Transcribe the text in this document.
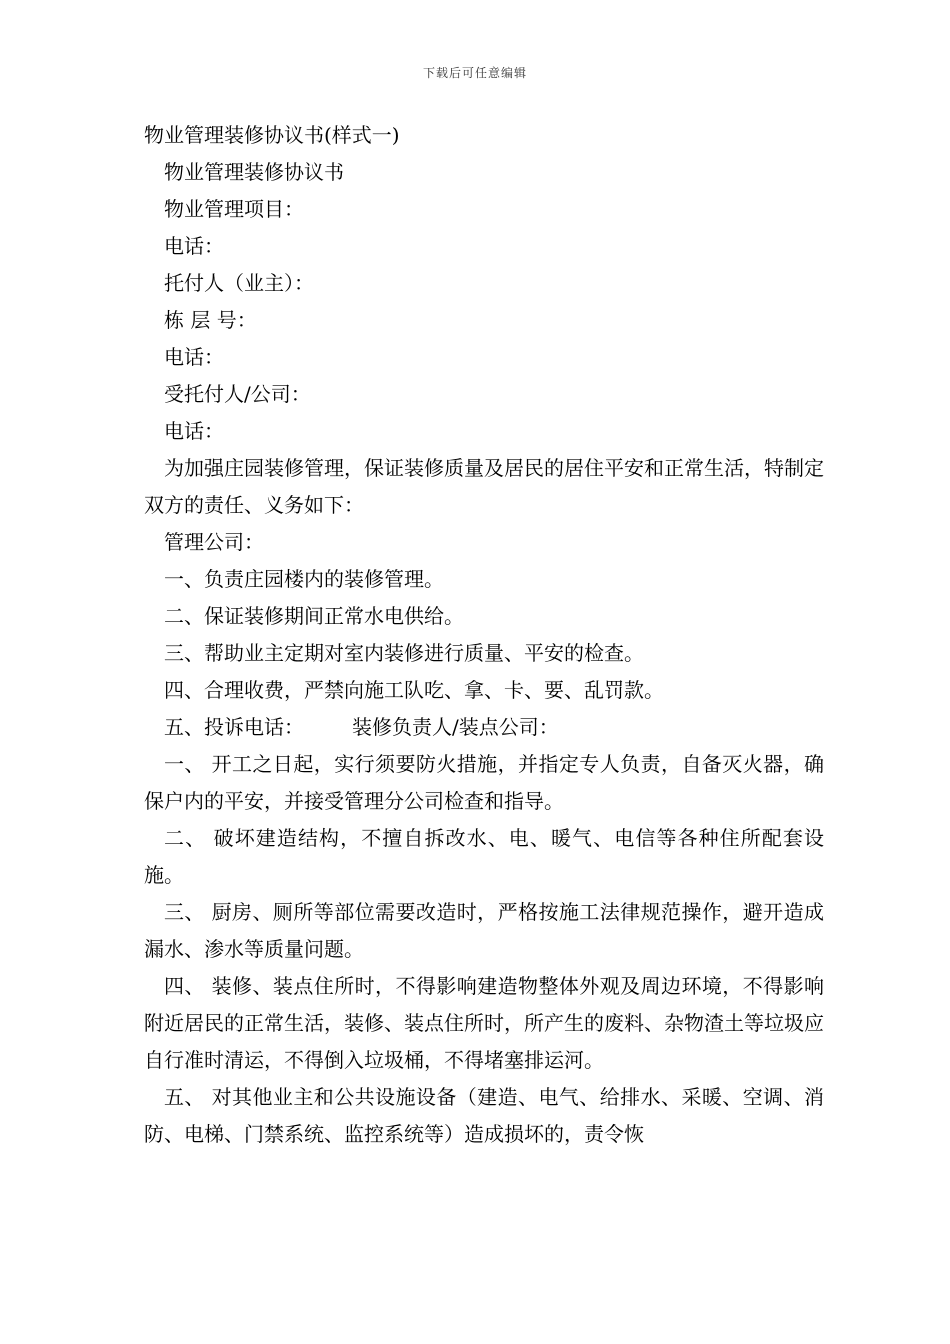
下载后可任意编辑

物业管理装修协议书(样式一)

物业管理装修协议书

物业管理项目：

电话：

托付人（业主）：

栋 层 号：

电话：

受托付人/公司：

电话：

为加强庄园装修管理，保证装修质量及居民的居住平安和正常生活，特制定双方的责任、义务如下：

管理公司：

一、负责庄园楼内的装修管理。

二、保证装修期间正常水电供给。

三、帮助业主定期对室内装修进行质量、平安的检查。

四、合理收费，严禁向施工队吃、拿、卡、要、乱罚款。

五、投诉电话： 装修负责人/装点公司：

一、 开工之日起，实行须要防火措施，并指定专人负责，自备灭火器，确保户内的平安，并接受管理分公司检查和指导。

二、 破坏建造结构，不擅自拆改水、电、暖气、电信等各种住所配套设施。

三、 厨房、厕所等部位需要改造时，严格按施工法律规范操作，避开造成漏水、渗水等质量问题。

四、 装修、装点住所时，不得影响建造物整体外观及周边环境，不得影响附近居民的正常生活，装修、装点住所时，所产生的废料、杂物渣土等垃圾应自行准时清运，不得倒入垃圾桶，不得堵塞排运河。

五、 对其他业主和公共设施设备（建造、电气、给排水、采暖、空调、消防、电梯、门禁系统、监控系统等）造成损坏的，责令恢
